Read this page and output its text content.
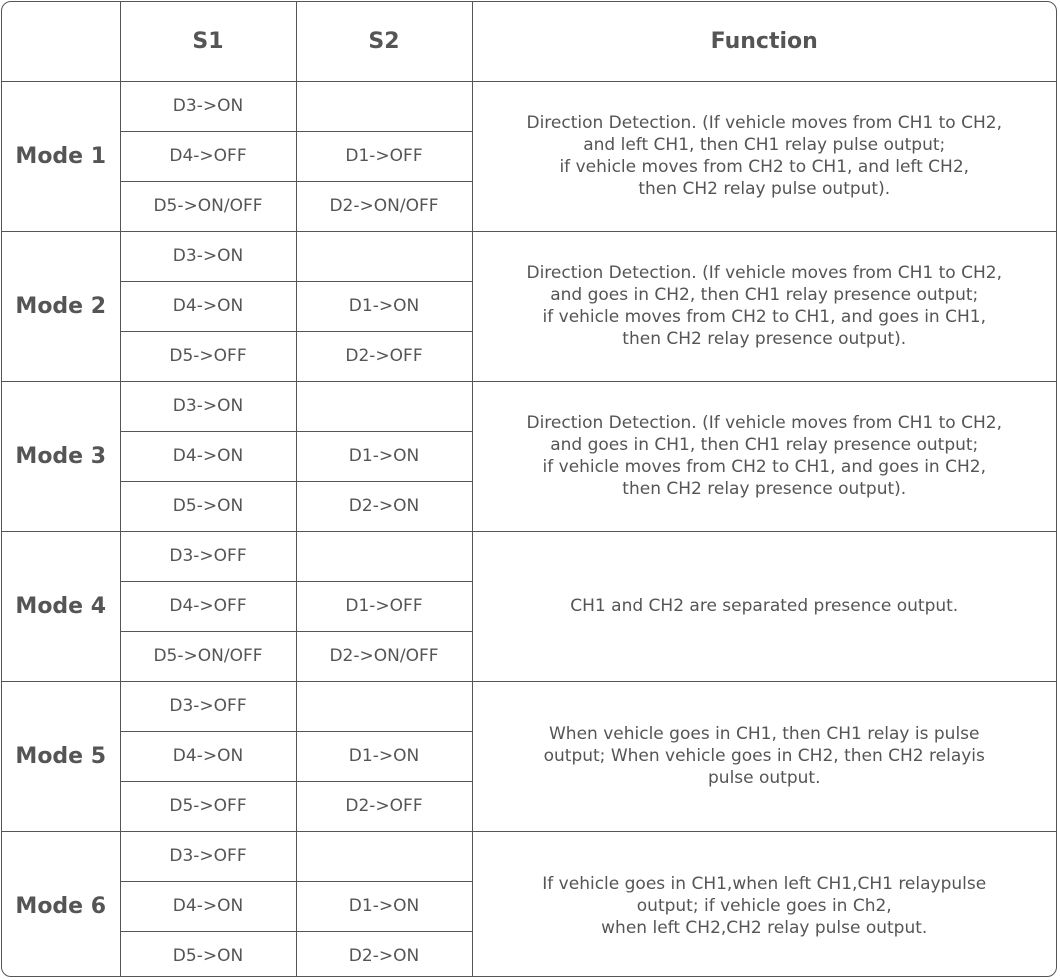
	S1	S2	Function
Mode 1	D3->ON		Direction Detection. (If vehicle moves from CH1 to CH2,
and left CH1, then CH1 relay pulse output;
if vehicle moves from CH2 to CH1, and left CH2,
then CH2 relay pulse output).

	D4->OFF	D1->OFF	
	D5->ON/OFF	D2->ON/OFF	
Mode 2	D3->ON		Direction Detection. (If vehicle moves from CH1 to CH2,
and goes in CH2, then CH1 relay presence output;
if vehicle moves from CH2 to CH1, and goes in CH1,
then CH2 relay presence output).

	D4->ON	D1->ON	
	D5->OFF	D2->OFF	
Mode 3	D3->ON		Direction Detection. (If vehicle moves from CH1 to CH2,
and goes in CH1, then CH1 relay presence output;
if vehicle moves from CH2 to CH1, and goes in CH2,
then CH2 relay presence output).

	D4->ON	D1->ON	
	D5->ON	D2->ON	
Mode 4	D3->OFF		CH1 and CH2 are separated presence output.

	D4->OFF	D1->OFF	
	D5->ON/OFF	D2->ON/OFF	
Mode 5	D3->OFF		When vehicle goes in CH1, then CH1 relay is pulse
output; When vehicle goes in CH2, then CH2 relayis
pulse output.

	D4->ON	D1->ON	
	D5->OFF	D2->OFF	
Mode 6	D3->OFF		If vehicle goes in CH1,when left CH1,CH1 relaypulse
output; if vehicle goes in Ch2,
when left CH2,CH2 relay pulse output.

	D4->ON	D1->ON	
	D5->ON	D2->ON	
